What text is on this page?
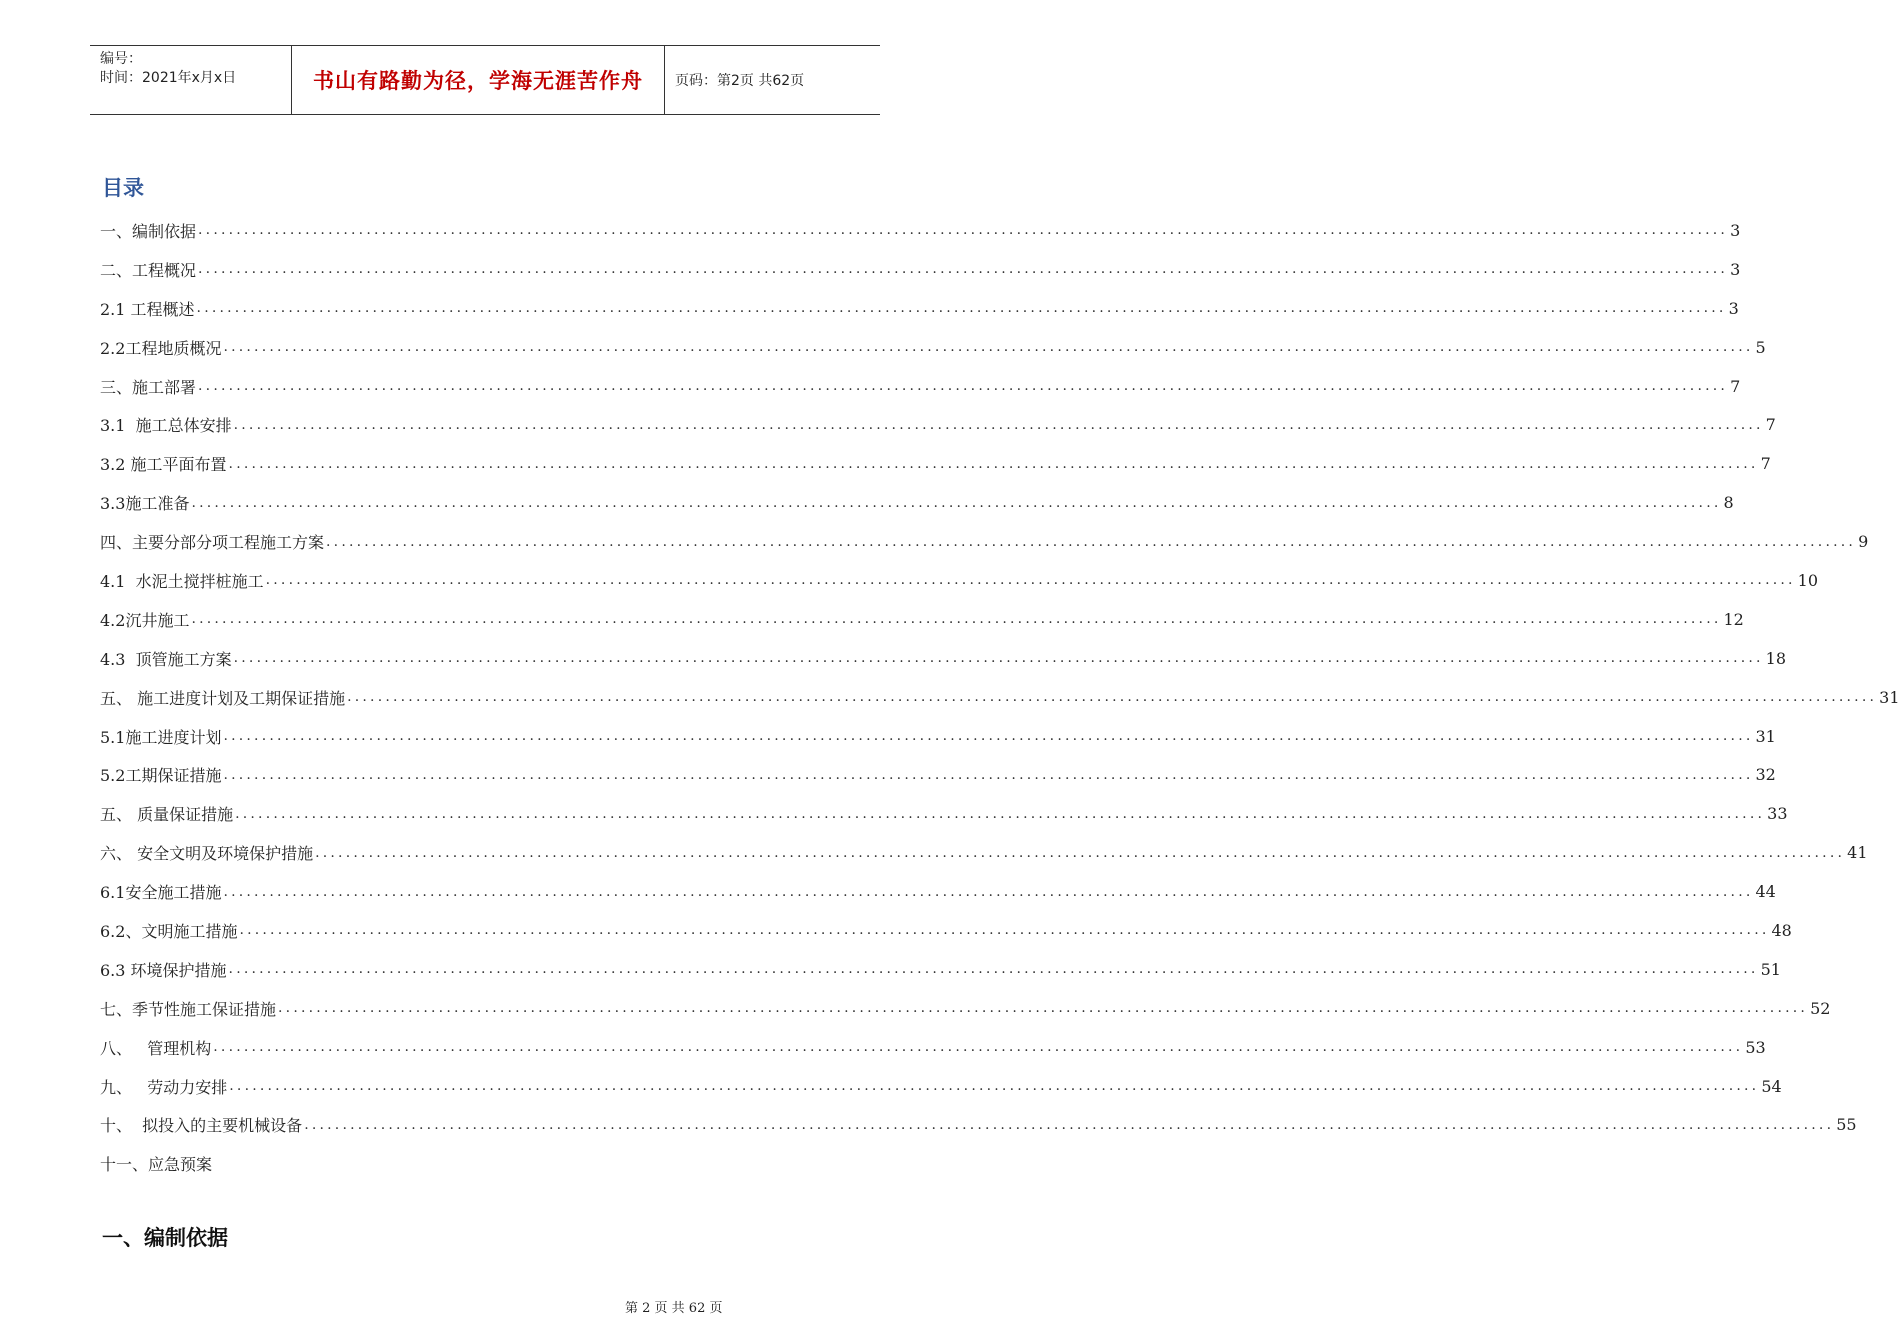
编号：
时间：2021年x月x日	书山有路勤为径，学海无涯苦作舟	页码：第2页 共62页
目录
一、编制依据 ........................................................................................................................................................................................................ 3
二、工程概况 ........................................................................................................................................................................................................ 3
2.1 工程概述 ........................................................................................................................................................................................................ 3
2.2工程地质概况 ........................................................................................................................................................................................................ 5
三、施工部署 ........................................................................................................................................................................................................ 7
3.1  施工总体安排 ........................................................................................................................................................................................................ 7
3.2 施工平面布置 ........................................................................................................................................................................................................ 7
3.3施工准备 ........................................................................................................................................................................................................ 8
四、主要分部分项工程施工方案 ........................................................................................................................................................................................................ 9
4.1  水泥土搅拌桩施工 ........................................................................................................................................................................................................ 10
4.2沉井施工 ........................................................................................................................................................................................................ 12
4.3  顶管施工方案 ........................................................................................................................................................................................................ 18
五、 施工进度计划及工期保证措施 ........................................................................................................................................................................................................ 31
5.1施工进度计划 ........................................................................................................................................................................................................ 31
5.2工期保证措施 ........................................................................................................................................................................................................ 32
五、 质量保证措施 ........................................................................................................................................................................................................ 33
六、 安全文明及环境保护措施 ........................................................................................................................................................................................................ 41
6.1安全施工措施 ........................................................................................................................................................................................................ 44
6.2、文明施工措施 ........................................................................................................................................................................................................ 48
6.3 环境保护措施 ........................................................................................................................................................................................................ 51
七、季节性施工保证措施 ........................................................................................................................................................................................................ 52
八、   管理机构 ........................................................................................................................................................................................................ 53
九、   劳动力安排 ........................................................................................................................................................................................................ 54
十、  拟投入的主要机械设备 ........................................................................................................................................................................................................ 55
十一、应急预案
一、编制依据
第 2 页 共 62 页
